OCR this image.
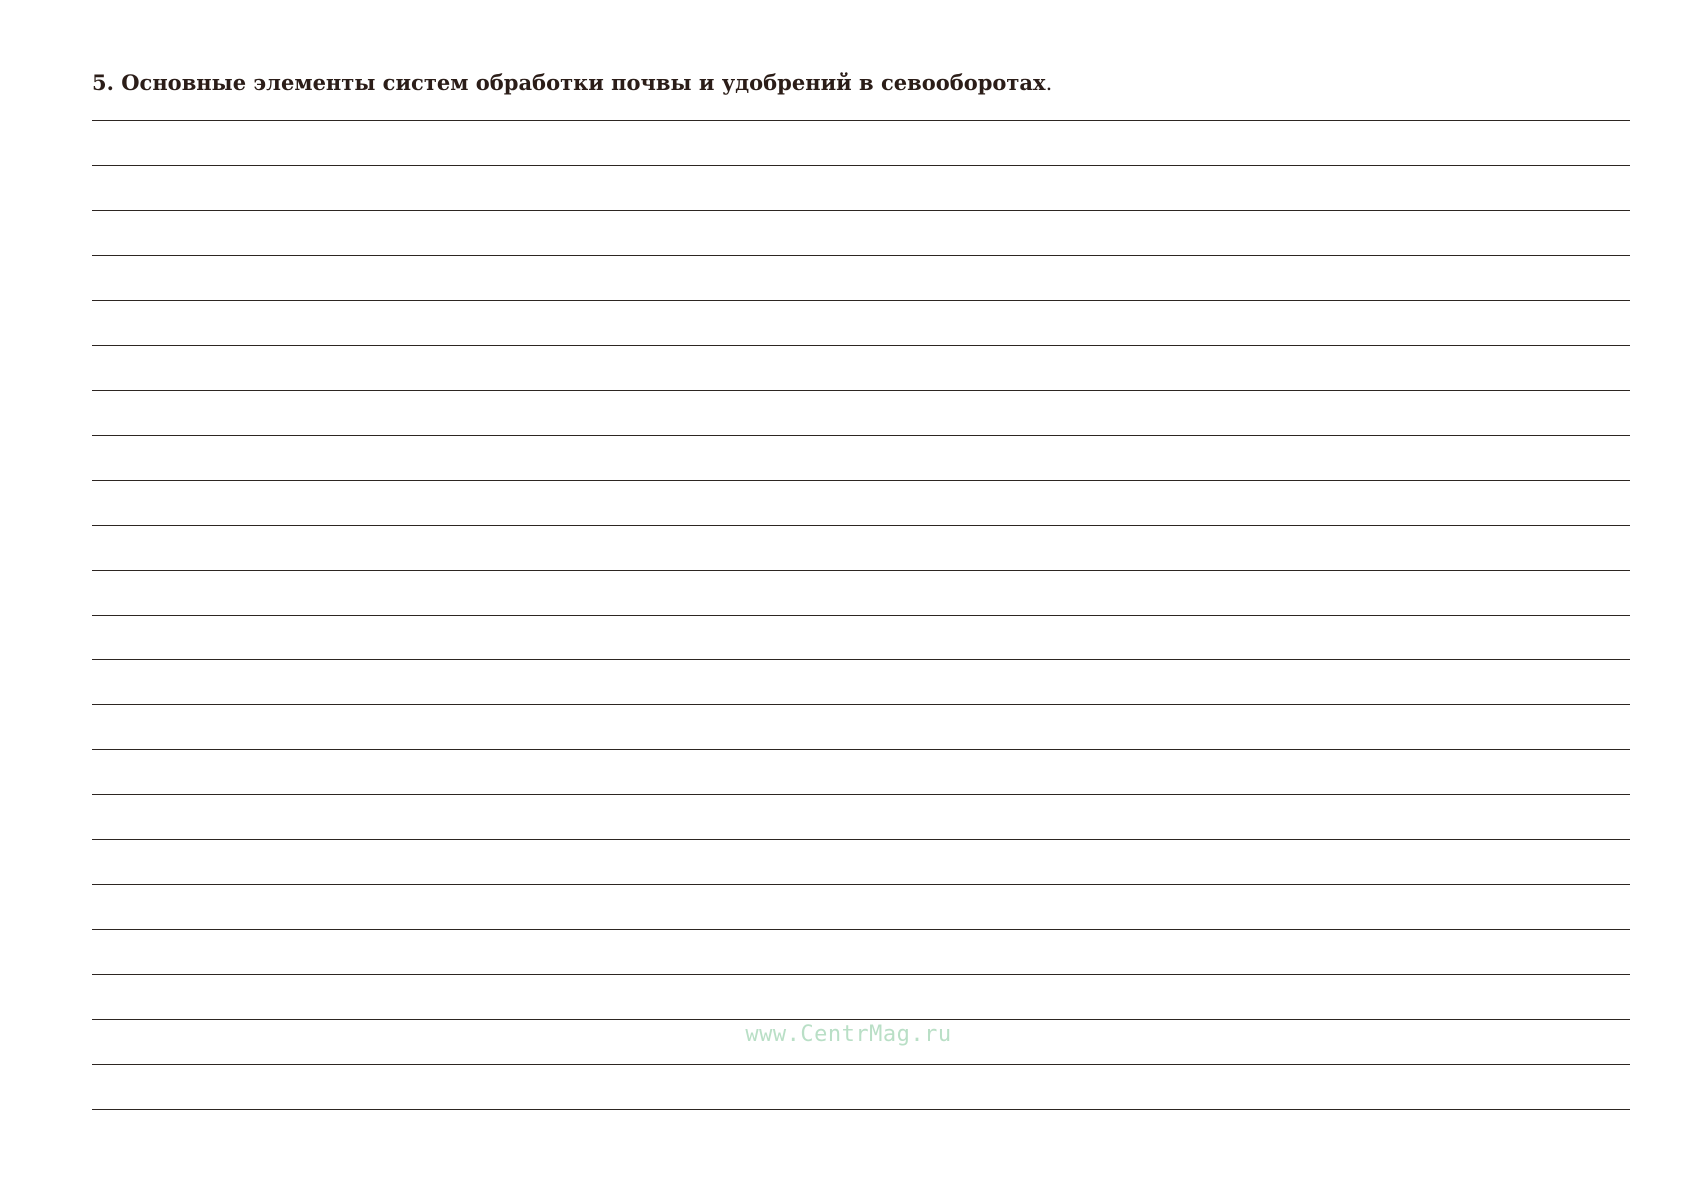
5. Основные элементы систем обработки почвы и удобрений в севооборотах.
www.CentrMag.ru
